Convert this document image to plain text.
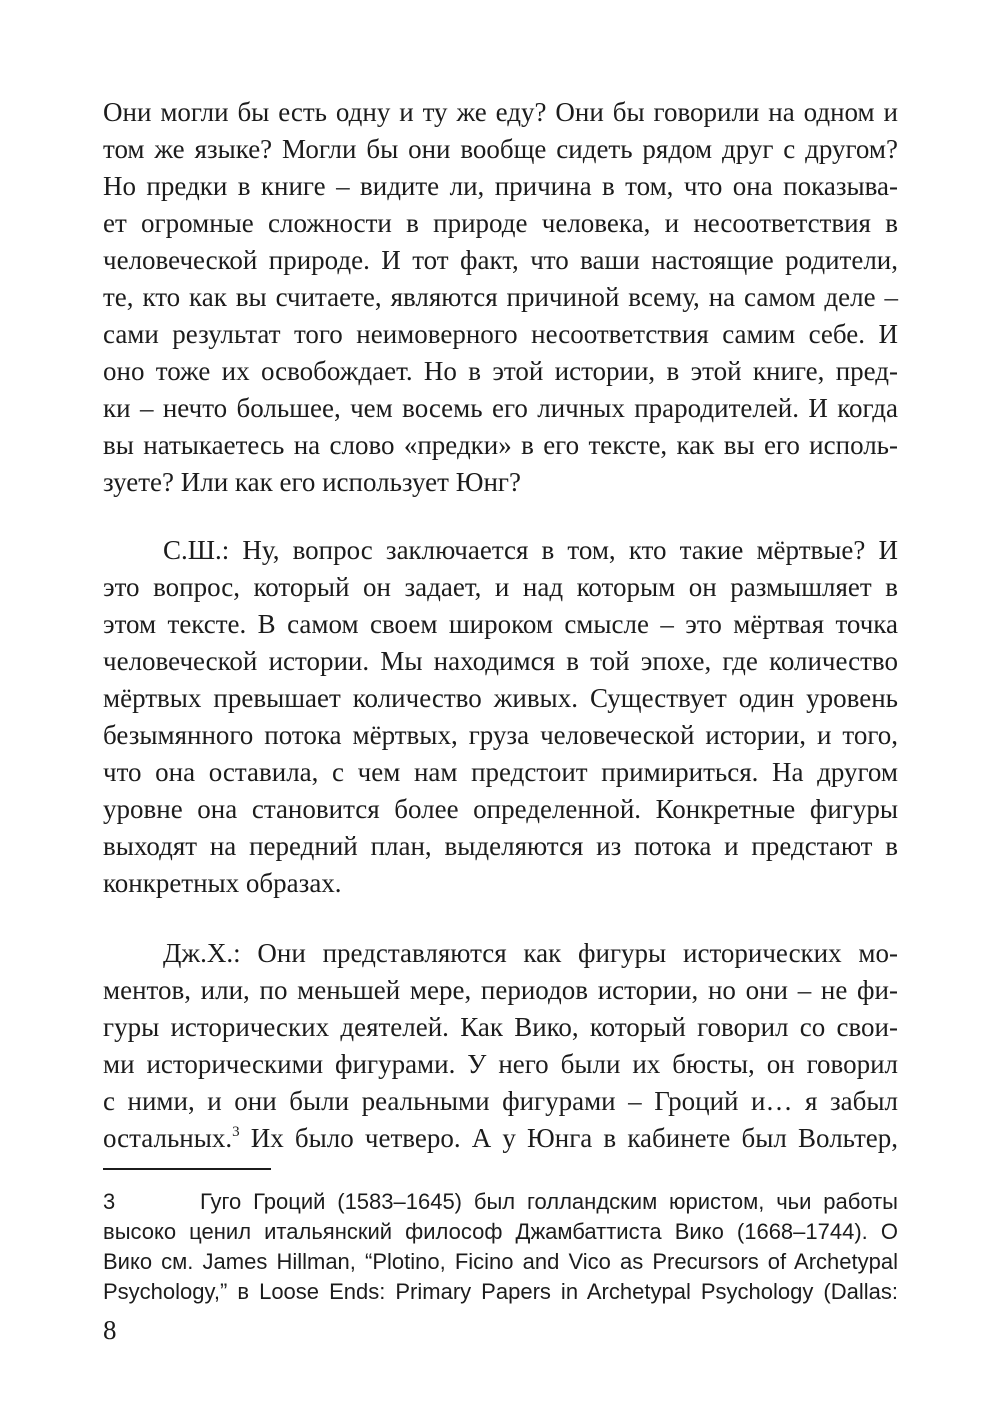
Они могли бы есть одну и ту же еду? Они бы говорили на одном и
том же языке? Могли бы они вообще сидеть рядом друг с другом?
Но предки в книге – видите ли, причина в том, что она показыва-
ет огромные сложности в природе человека, и несоответствия в
человеческой природе. И тот факт, что ваши настоящие родители,
те, кто как вы считаете, являются причиной всему, на самом деле –
сами результат того неимоверного несоответствия самим себе. И
оно тоже их освобождает. Но в этой истории, в этой книге, пред-
ки – нечто большее, чем восемь его личных прародителей. И когда
вы натыкаетесь на слово «предки» в его тексте, как вы его исполь-
зуете? Или как его использует Юнг?
С.Ш.: Ну, вопрос заключается в том, кто такие мёртвые? И
это вопрос, который он задает, и над которым он размышляет в
этом тексте. В самом своем широком смысле – это мёртвая точка
человеческой истории. Мы находимся в той эпохе, где количество
мёртвых превышает количество живых. Существует один уровень
безымянного потока мёртвых, груза человеческой истории, и того,
что она оставила, с чем нам предстоит примириться. На другом
уровне она становится более определенной. Конкретные фигуры
выходят на передний план, выделяются из потока и предстают в
конкретных образах.
Дж.Х.: Они представляются как фигуры исторических мо-
ментов, или, по меньшей мере, периодов истории, но они – не фи-
гуры исторических деятелей. Как Вико, который говорил со свои-
ми историческими фигурами. У него были их бюсты, он говорил
с ними, и они были реальными фигурами – Гроций и… я забыл
остальных.$^3$ Их было четверо. А у Юнга в кабинете был Вольтер,
3	Гуго Гроций (1583–1645) был голландским юристом, чьи работы
высоко ценил итальянский философ Джамбаттиста Вико (1668–1744). О
Вико см. James Hillman, “Plotino, Ficino and Vico as Precursors of Archetypal
Psychology,” в Loose Ends: Primary Papers in Archetypal Psychology (Dallas:
8
